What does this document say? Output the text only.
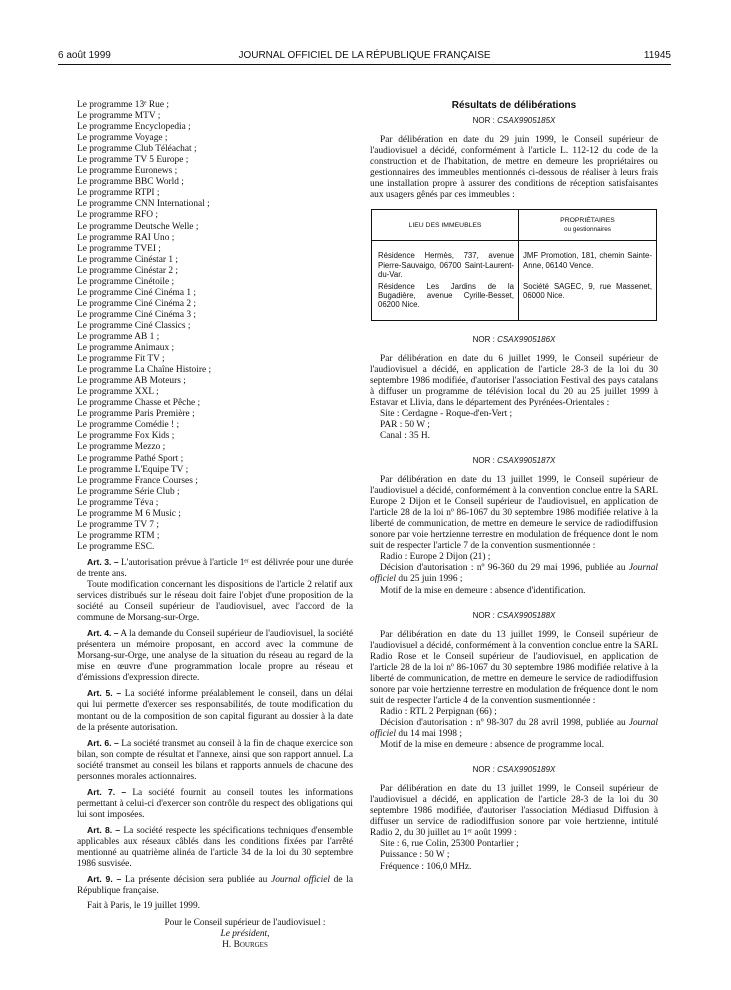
6 août 1999	JOURNAL OFFICIEL DE LA RÉPUBLIQUE FRANÇAISE	11945
Le programme 13ᵉ Rue ;
Le programme MTV ;
Le programme Encyclopedia ;
Le programme Voyage ;
Le programme Club Téléachat ;
Le programme TV 5 Europe ;
Le programme Euronews ;
Le programme BBC World ;
Le programme RTPI ;
Le programme CNN International ;
Le programme RFO ;
Le programme Deutsche Welle ;
Le programme RAI Uno ;
Le programme TVEI ;
Le programme Cinéstar 1 ;
Le programme Cinéstar 2 ;
Le programme Cinétoile ;
Le programme Ciné Cinéma 1 ;
Le programme Ciné Cinéma 2 ;
Le programme Ciné Cinéma 3 ;
Le programme Ciné Classics ;
Le programme AB 1 ;
Le programme Animaux ;
Le programme Fit TV ;
Le programme La Chaîne Histoire ;
Le programme AB Moteurs ;
Le programme XXL ;
Le programme Chasse et Pêche ;
Le programme Paris Première ;
Le programme Comédie ! ;
Le programme Fox Kids ;
Le programme Mezzo ;
Le programme Pathé Sport ;
Le programme L'Equipe TV ;
Le programme France Courses ;
Le programme Série Club ;
Le programme Téva ;
Le programme M 6 Music ;
Le programme TV 7 ;
Le programme RTM ;
Le programme ESC.

Art. 3. – L'autorisation prévue à l'article 1ᵉʳ est délivrée pour une durée de trente ans.

Toute modification concernant les dispositions de l'article 2 relatif aux services distribués sur le réseau doit faire l'objet d'une proposition de la société au Conseil supérieur de l'audiovisuel, avec l'accord de la commune de Morsang-sur-Orge.

Art. 4. – A la demande du Conseil supérieur de l'audiovisuel, la société présentera un mémoire proposant, en accord avec la commune de Morsang-sur-Orge, une analyse de la situation du réseau au regard de la mise en œuvre d'une programmation locale propre au réseau et d'émissions d'expression directe.

Art. 5. – La société informe préalablement le conseil, dans un délai qui lui permette d'exercer ses responsabilités, de toute modification du montant ou de la composition de son capital figurant au dossier à la date de la présente autorisation.

Art. 6. – La société transmet au conseil à la fin de chaque exercice son bilan, son compte de résultat et l'annexe, ainsi que son rapport annuel. La société transmet au conseil les bilans et rapports annuels de chacune des personnes morales actionnaires.

Art. 7. – La société fournit au conseil toutes les informations permettant à celui-ci d'exercer son contrôle du respect des obligations qui lui sont imposées.

Art. 8. – La société respecte les spécifications techniques d'ensemble applicables aux réseaux câblés dans les conditions fixées par l'arrêté mentionné au quatrième alinéa de l'article 34 de la loi du 30 septembre 1986 susvisée.

Art. 9. – La présente décision sera publiée au Journal officiel de la République française.

Fait à Paris, le 19 juillet 1999.

Pour le Conseil supérieur de l'audiovisuel :
Le président,
H. Bourges
Résultats de délibérations
NOR : CSAX9905185X

Par délibération en date du 29 juin 1999, le Conseil supérieur de l'audiovisuel a décidé, conformément à l'article L. 112-12 du code de la construction et de l'habitation, de mettre en demeure les propriétaires ou gestionnaires des immeubles mentionnés ci-dessous de réaliser à leurs frais une installation propre à assurer des conditions de réception satisfaisantes aux usagers gênés par ces immeubles :

LIEU DES IMMEUBLES	PROPRIÉTAIRES
ou gestionnaires

Résidence Hermès, 737, avenue Pierre-Sauvaigo, 06700 Saint-Laurent-du-Var.	JMF Promotion, 181, chemin Sainte-Anne, 06140 Vence.
Résidence Les Jardins de la Bugadière, avenue Cyrille-Besset, 06200 Nice.	Société SAGEC, 9, rue Massenet, 06000 Nice.
NOR : CSAX9905186X

Par délibération en date du 6 juillet 1999, le Conseil supérieur de l'audiovisuel a décidé, en application de l'article 28-3 de la loi du 30 septembre 1986 modifiée, d'autoriser l'association Festival des pays catalans à diffuser un programme de télévision local du 20 au 25 juillet 1999 à Estavar et Llivia, dans le département des Pyrénées-Orientales :

Site : Cerdagne - Roque-d'en-Vert ;

PAR : 50 W ;

Canal : 35 H.

NOR : CSAX9905187X

Par délibération en date du 13 juillet 1999, le Conseil supérieur de l'audiovisuel a décidé, conformément à la convention conclue entre la SARL Europe 2 Dijon et le Conseil supérieur de l'audiovisuel, en application de l'article 28 de la loi nº 86-1067 du 30 septembre 1986 modifiée relative à la liberté de communication, de mettre en demeure le service de radiodiffusion sonore par voie hertzienne terrestre en modulation de fréquence dont le nom suit de respecter l'article 7 de la convention susmentionnée :

Radio : Europe 2 Dijon (21) ;

Décision d'autorisation : nº 96-360 du 29 mai 1996, publiée au Journal officiel du 25 juin 1996 ;

Motif de la mise en demeure : absence d'identification.

NOR : CSAX9905188X

Par délibération en date du 13 juillet 1999, le Conseil supérieur de l'audiovisuel a décidé, conformément à la convention conclue entre la SARL Radio Rose et le Conseil supérieur de l'audiovisuel, en application de l'article 28 de la loi nº 86-1067 du 30 septembre 1986 modifiée relative à la liberté de communication, de mettre en demeure le service de radiodiffusion sonore par voie hertzienne terrestre en modulation de fréquence dont le nom suit de respecter l'article 4 de la convention susmentionnée :

Radio : RTL 2 Perpignan (66) ;

Décision d'autorisation : nº 98-307 du 28 avril 1998, publiée au Journal officiel du 14 mai 1998 ;

Motif de la mise en demeure : absence de programme local.

NOR : CSAX9905189X

Par délibération en date du 13 juillet 1999, le Conseil supérieur de l'audiovisuel a décidé, en application de l'article 28-3 de la loi du 30 septembre 1986 modifiée, d'autoriser l'association Médiasud Diffusion à diffuser un service de radiodiffusion sonore par voie hertzienne, intitulé Radio 2, du 30 juillet au 1ᵉʳ août 1999 :

Site : 6, rue Colin, 25300 Pontarlier ;

Puissance : 50 W ;

Fréquence : 106,0 MHz.
